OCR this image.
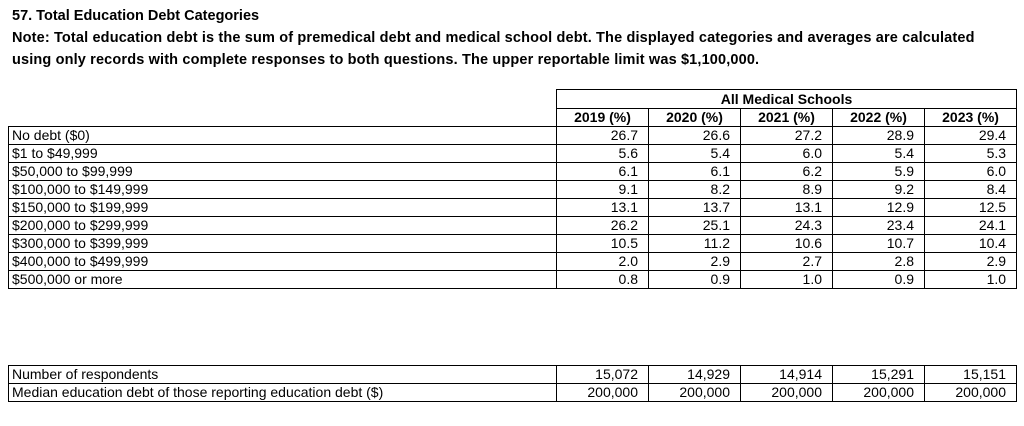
57. Total Education Debt Categories
Note: Total education debt is the sum of premedical debt and medical school debt. The displayed categories and averages are calculated using only records with complete responses to both questions. The upper reportable limit was $1,100,000.
	All Medical Schools				
	2019 (%)	2020 (%)	2021 (%)	2022 (%)	2023 (%)
No debt ($0)	26.7	26.6	27.2	28.9	29.4
$1 to $49,999	5.6	5.4	6.0	5.4	5.3
$50,000 to $99,999	6.1	6.1	6.2	5.9	6.0
$100,000 to $149,999	9.1	8.2	8.9	9.2	8.4
$150,000 to $199,999	13.1	13.7	13.1	12.9	12.5
$200,000 to $299,999	26.2	25.1	24.3	23.4	24.1
$300,000 to $399,999	10.5	11.2	10.6	10.7	10.4
$400,000 to $499,999	2.0	2.9	2.7	2.8	2.9
$500,000 or more	0.8	0.9	1.0	0.9	1.0
Number of respondents	15,072	14,929	14,914	15,291	15,151
Median education debt of those reporting education debt ($)	200,000	200,000	200,000	200,000	200,000
